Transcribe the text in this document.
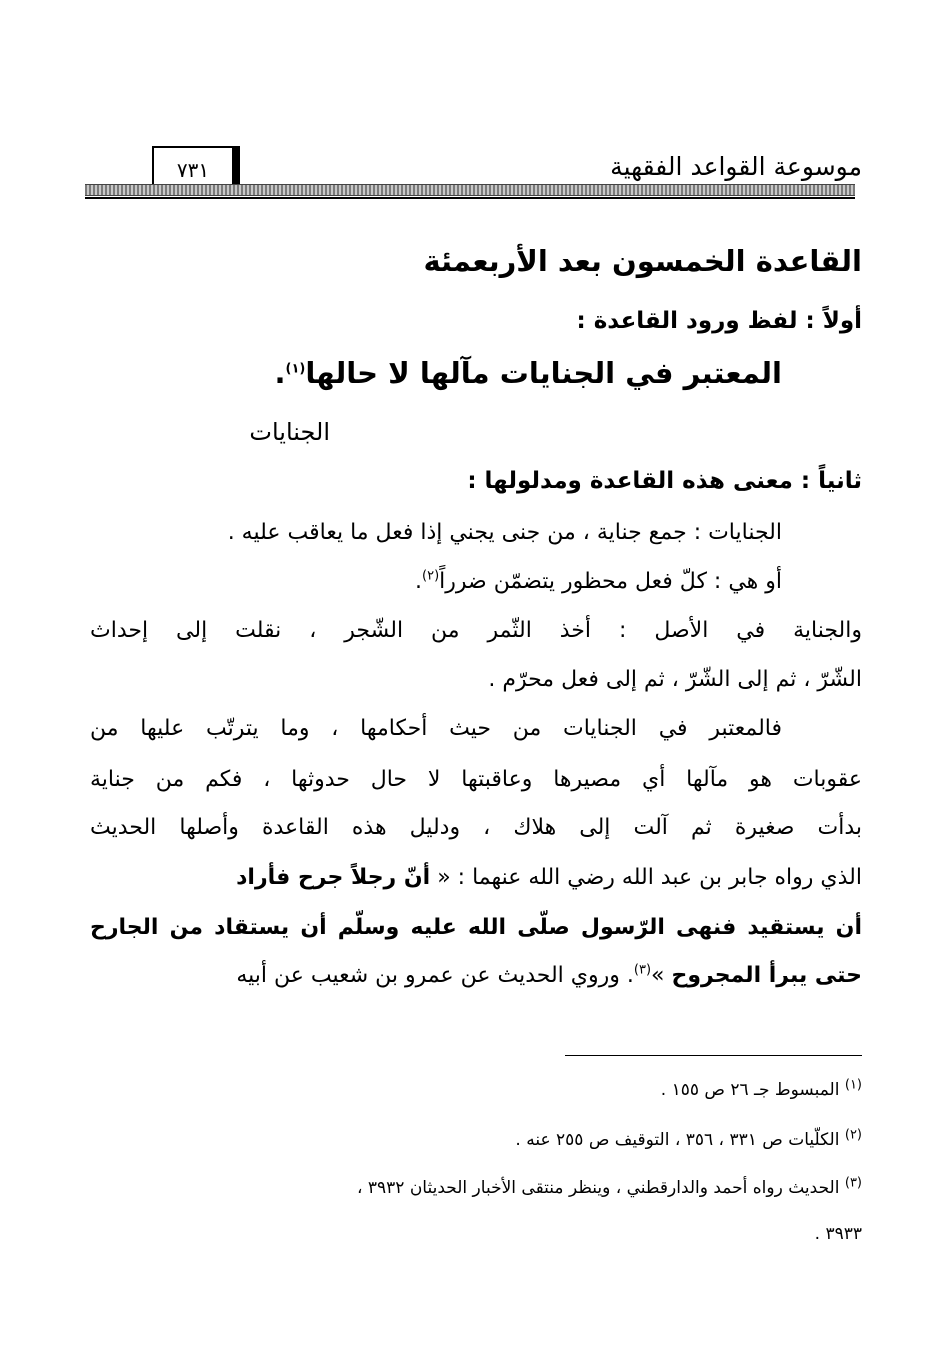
موسوعة القواعد الفقهية
٧٣١
القاعدة الخمسون بعد الأربعمئة
أولاً : لفظ ورود القاعدة :
المعتبر في الجنايات مآلها لا حالها$^{(١)}$.
الجنايات
ثانياً : معنى هذه القاعدة ومدلولها :
الجنايات : جمع جناية ، من جنى يجني إذا فعل ما يعاقب عليه .
أو هي : كلّ فعل محظور يتضمّن ضرراً$^{(٢)}$.
والجناية في الأصل : أخذ الثّمر من الشّجر ، نقلت إلى إحداث
الشّرّ ، ثم إلى الشّرّ ، ثم إلى فعل محرّم .
فالمعتبر في الجنايات من حيث أحكامها ، وما يترتّب عليها من
عقوبات هو مآلها أي مصيرها وعاقبتها لا حال حدوثها ، فكم من جناية
بدأت صغيرة ثم آلت إلى هلاك ، ودليل هذه القاعدة وأصلها الحديث
الذي رواه جابر بن عبد الله رضي الله عنهما : « أنّ رجلاً جرح فأراد
أن يستقيد فنهى الرّسول صلّى الله عليه وسلّم أن يستقاد من الجارح
حتى يبرأ المجروح »$^{(٣)}$. وروي الحديث عن عمرو بن شعيب عن أبيه
$^{(١)}$ المبسوط جـ ٢٦ ص ١٥٥ .
$^{(٢)}$ الكلّيات ص ٣٣١ ، ٣٥٦ ، التوقيف ص ٢٥٥ عنه .
$^{(٣)}$ الحديث رواه أحمد والدارقطني ، وينظر منتقى الأخبار الحديثان ٣٩٣٢ ،
٣٩٣٣ .
